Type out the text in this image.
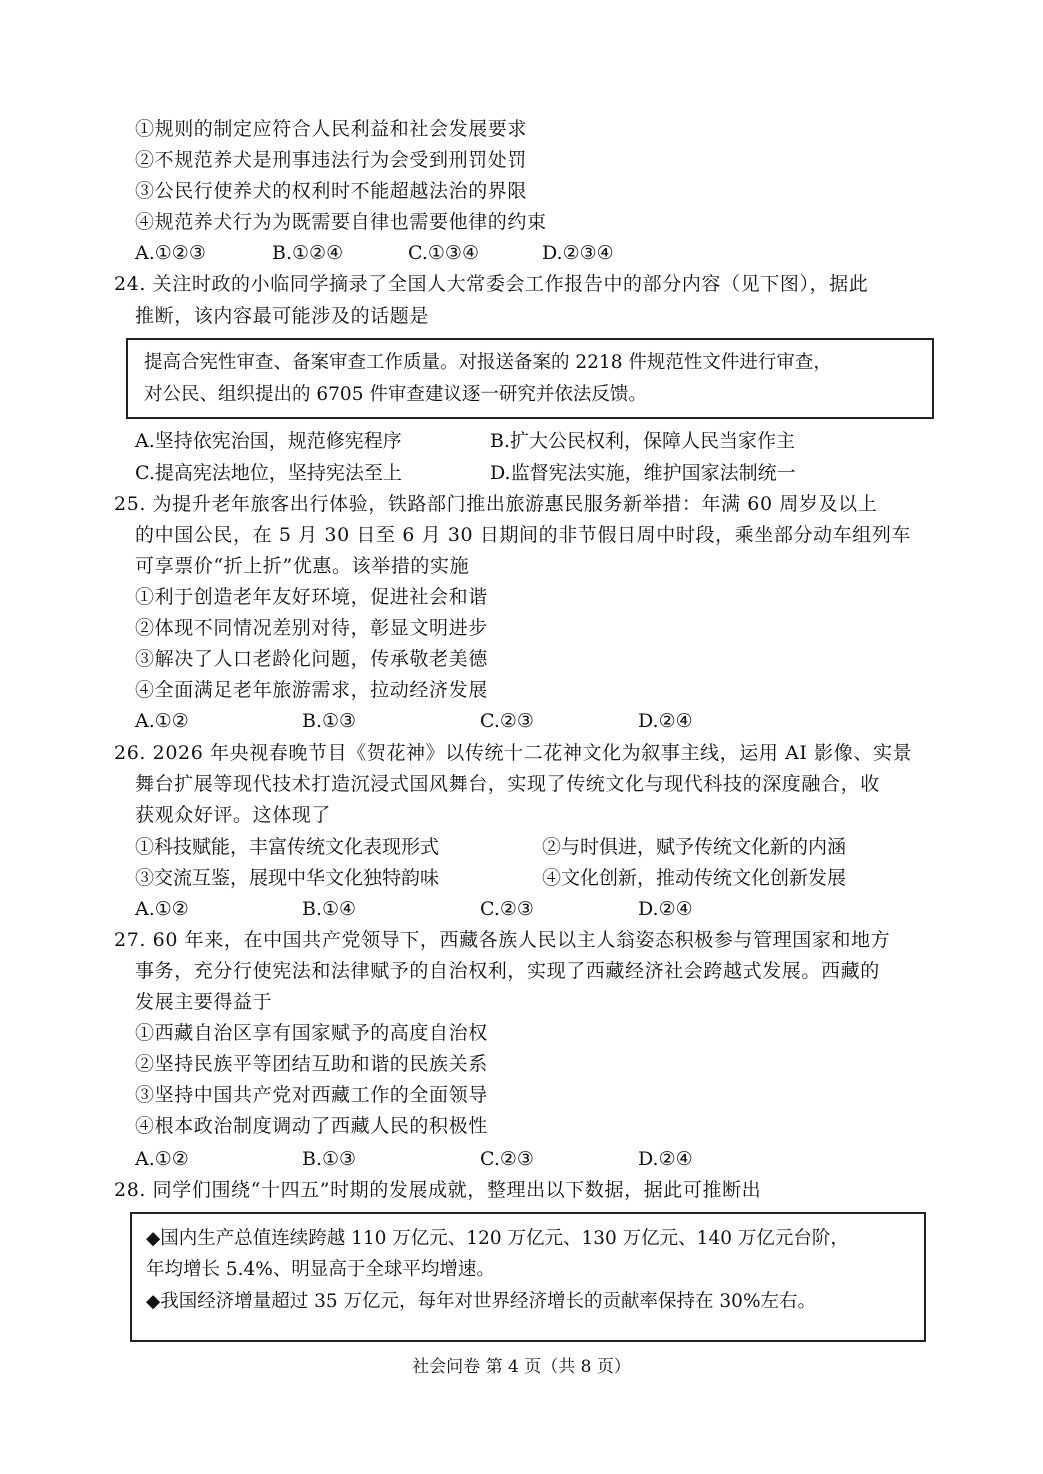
①规则的制定应符合人民利益和社会发展要求
②不规范养犬是刑事违法行为会受到刑罚处罚
③公民行使养犬的权利时不能超越法治的界限
④规范养犬行为为既需要自律也需要他律的约束
A.①②③	B.①②④	C.①③④	D.②③④
24. 关注时政的小临同学摘录了全国人大常委会工作报告中的部分内容（见下图），据此
推断，该内容最可能涉及的话题是
提高合宪性审查、备案审查工作质量。对报送备案的 2218 件规范性文件进行审查，
对公民、组织提出的 6705 件审查建议逐一研究并依法反馈。
A.坚持依宪治国，规范修宪程序	B.扩大公民权利，保障人民当家作主
C.提高宪法地位，坚持宪法至上	D.监督宪法实施，维护国家法制统一
25. 为提升老年旅客出行体验，铁路部门推出旅游惠民服务新举措：年满 60 周岁及以上
的中国公民，在 5 月 30 日至 6 月 30 日期间的非节假日周中时段，乘坐部分动车组列车
可享票价“折上折”优惠。该举措的实施
①利于创造老年友好环境，促进社会和谐
②体现不同情况差别对待，彰显文明进步
③解决了人口老龄化问题，传承敬老美德
④全面满足老年旅游需求，拉动经济发展
A.①②	B.①③	C.②③	D.②④
26. 2026 年央视春晚节目《贺花神》以传统十二花神文化为叙事主线，运用 AI 影像、实景
舞台扩展等现代技术打造沉浸式国风舞台，实现了传统文化与现代科技的深度融合，收
获观众好评。这体现了
①科技赋能，丰富传统文化表现形式	②与时俱进，赋予传统文化新的内涵
③交流互鉴，展现中华文化独特韵味	④文化创新，推动传统文化创新发展
A.①②	B.①④	C.②③	D.②④
27. 60 年来，在中国共产党领导下，西藏各族人民以主人翁姿态积极参与管理国家和地方
事务，充分行使宪法和法律赋予的自治权利，实现了西藏经济社会跨越式发展。西藏的
发展主要得益于
①西藏自治区享有国家赋予的高度自治权
②坚持民族平等团结互助和谐的民族关系
③坚持中国共产党对西藏工作的全面领导
④根本政治制度调动了西藏人民的积极性
A.①②	B.①③	C.②③	D.②④
28. 同学们围绕“十四五”时期的发展成就，整理出以下数据，据此可推断出
◆国内生产总值连续跨越 110 万亿元、120 万亿元、130 万亿元、140 万亿元台阶，
年均增长 5.4%、明显高于全球平均增速。
◆我国经济增量超过 35 万亿元，每年对世界经济增长的贡献率保持在 30%左右。
社会问卷 第 4 页（共 8 页）
